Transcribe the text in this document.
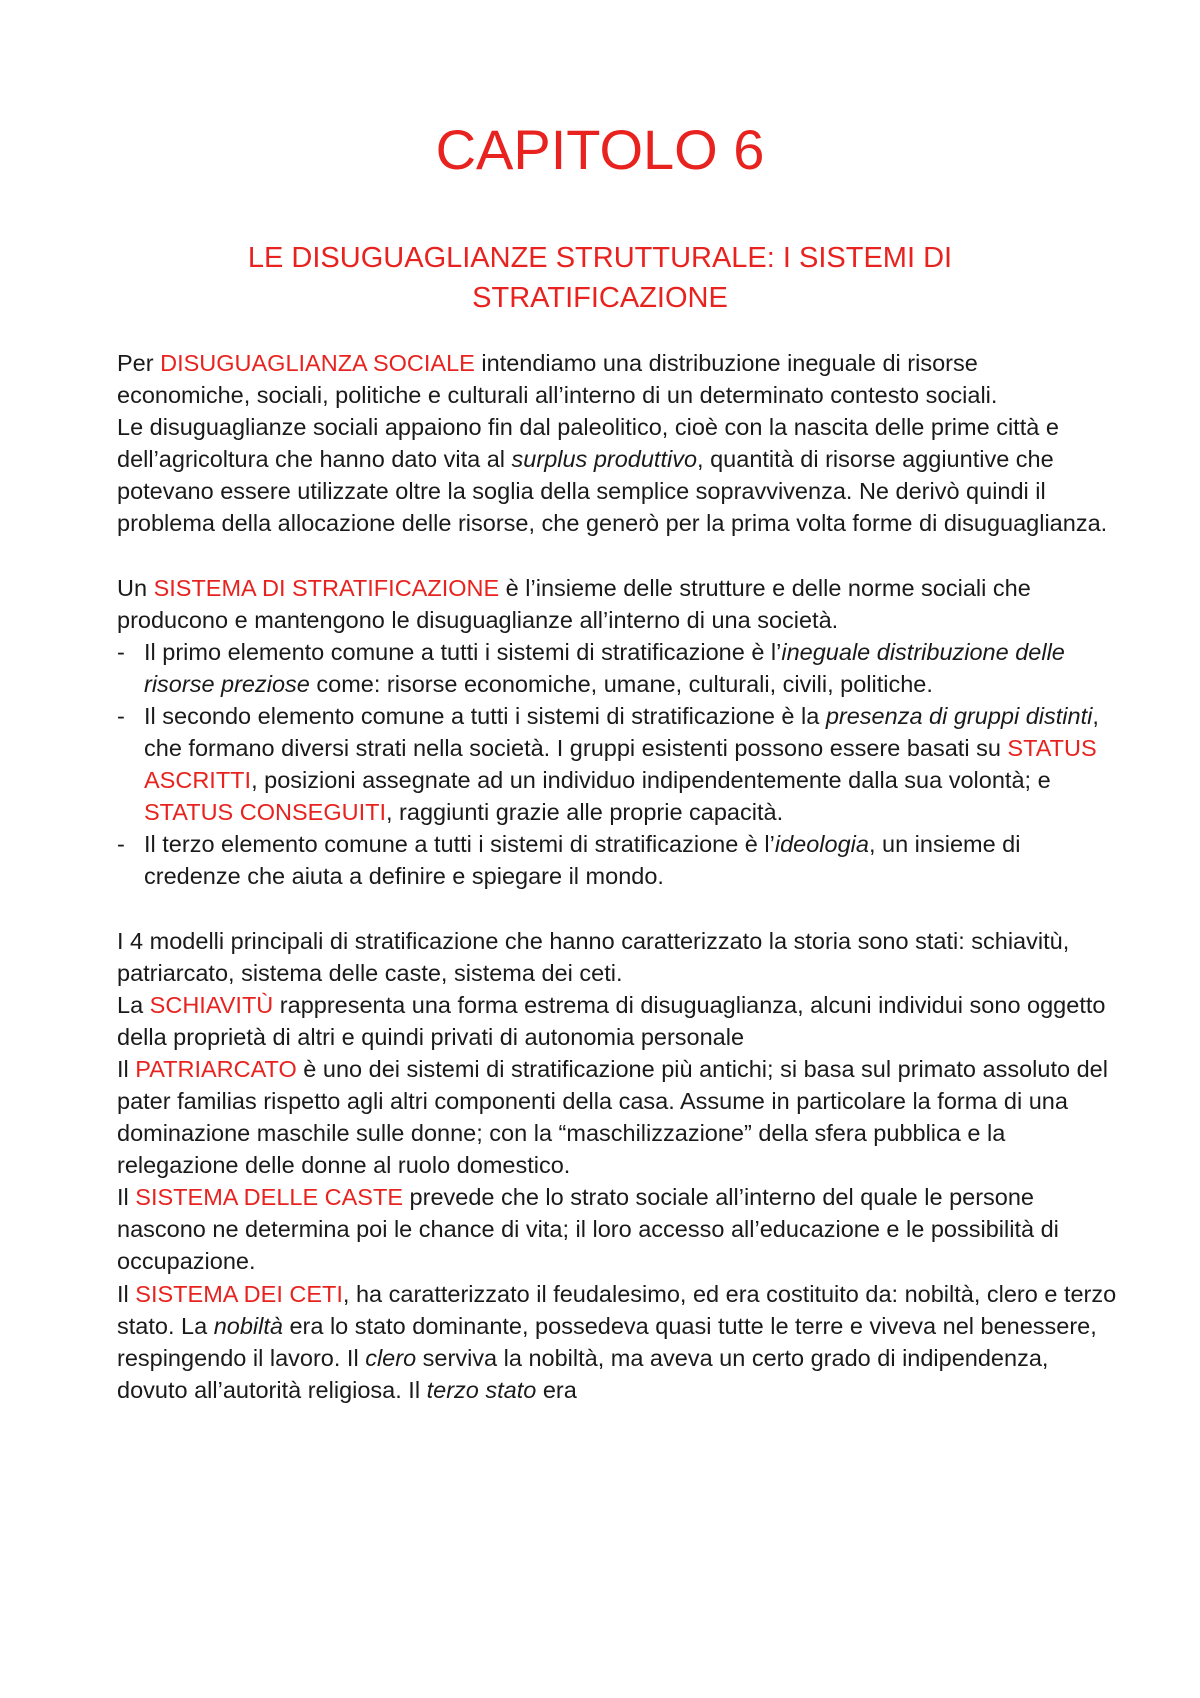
CAPITOLO 6
LE DISUGUAGLIANZE STRUTTURALE: I SISTEMI DI STRATIFICAZIONE

Per DISUGUAGLIANZA SOCIALE intendiamo una distribuzione ineguale di risorse economiche, sociali, politiche e culturali all’interno di un determinato contesto sociali.

Le disuguaglianze sociali appaiono fin dal paleolitico, cioè con la nascita delle prime città e dell’agricoltura che hanno dato vita al surplus produttivo, quantità di risorse aggiuntive che potevano essere utilizzate oltre la soglia della semplice sopravvivenza. Ne derivò quindi il problema della allocazione delle risorse, che generò per la prima volta forme di disuguaglianza.

Un SISTEMA DI STRATIFICAZIONE è l’insieme delle strutture e delle norme sociali che producono e mantengono le disuguaglianze all’interno di una società.

- Il primo elemento comune a tutti i sistemi di stratificazione è l’ineguale distribuzione delle risorse preziose come: risorse economiche, umane, culturali, civili, politiche.
- Il secondo elemento comune a tutti i sistemi di stratificazione è la presenza di gruppi distinti, che formano diversi strati nella società. I gruppi esistenti possono essere basati su STATUS ASCRITTI, posizioni assegnate ad un individuo indipendentemente dalla sua volontà; e STATUS CONSEGUITI, raggiunti grazie alle proprie capacità.
- Il terzo elemento comune a tutti i sistemi di stratificazione è l’ideologia, un insieme di credenze che aiuta a definire e spiegare il mondo.

I 4 modelli principali di stratificazione che hanno caratterizzato la storia sono stati: schiavitù, patriarcato, sistema delle caste, sistema dei ceti.

La SCHIAVITÙ rappresenta una forma estrema di disuguaglianza, alcuni individui sono oggetto della proprietà di altri e quindi privati di autonomia personale

Il PATRIARCATO è uno dei sistemi di stratificazione più antichi; si basa sul primato assoluto del pater familias rispetto agli altri componenti della casa. Assume in particolare la forma di una dominazione maschile sulle donne; con la “maschilizzazione” della sfera pubblica e la relegazione delle donne al ruolo domestico.

Il SISTEMA DELLE CASTE prevede che lo strato sociale all’interno del quale le persone nascono ne determina poi le chance di vita; il loro accesso all’educazione e le possibilità di occupazione.

Il SISTEMA DEI CETI, ha caratterizzato il feudalesimo, ed era costituito da: nobiltà, clero e terzo stato. La nobiltà era lo stato dominante, possedeva quasi tutte le terre e viveva nel benessere, respingendo il lavoro. Il clero serviva la nobiltà, ma aveva un certo grado di indipendenza, dovuto all’autorità religiosa. Il terzo stato era
